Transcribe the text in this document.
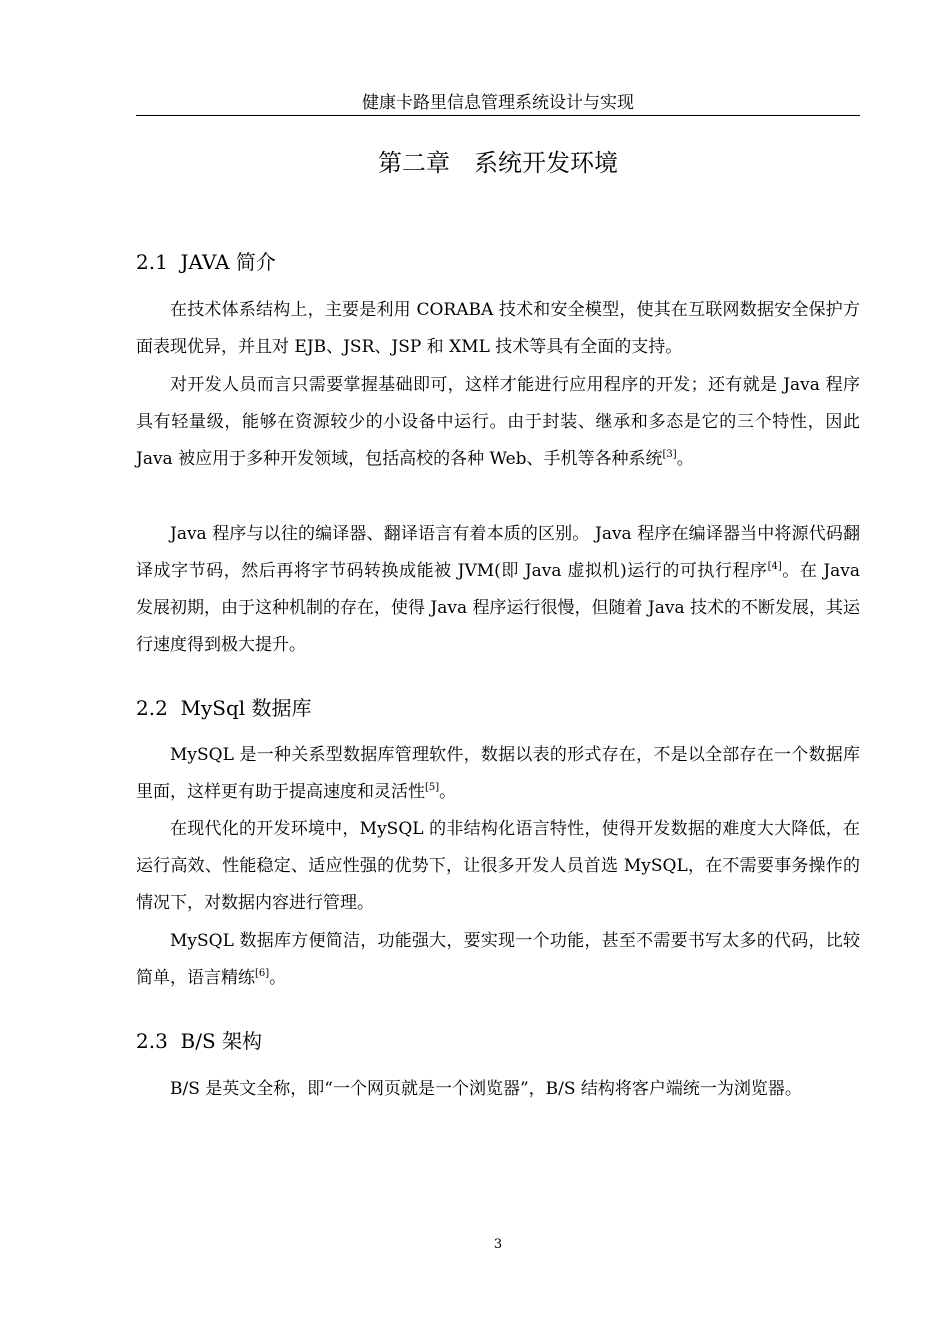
健康卡路里信息管理系统设计与实现
第二章　系统开发环境
2.1  JAVA 简介

在技术体系结构上，主要是利用 CORABA 技术和安全模型，使其在互联网数据安全保护方面表现优异，并且对 EJB、JSR、JSP 和 XML 技术等具有全面的支持。

对开发人员而言只需要掌握基础即可，这样才能进行应用程序的开发；还有就是 Java 程序具有轻量级，能够在资源较少的小设备中运行。由于封装、继承和多态是它的三个特性，因此 Java 被应用于多种开发领域，包括高校的各种 Web、手机等各种系统[3]。

Java 程序与以往的编译器、翻译语言有着本质的区别。 Java 程序在编译器当中将源代码翻译成字节码，然后再将字节码转换成能被 JVM(即 Java 虚拟机)运行的可执行程序[4]。在 Java 发展初期，由于这种机制的存在，使得 Java 程序运行很慢，但随着 Java 技术的不断发展，其运行速度得到极大提升。

2.2  MySql 数据库

MySQL 是一种关系型数据库管理软件，数据以表的形式存在，不是以全部存在一个数据库里面，这样更有助于提高速度和灵活性[5]。

在现代化的开发环境中，MySQL 的非结构化语言特性，使得开发数据的难度大大降低，在运行高效、性能稳定、适应性强的优势下，让很多开发人员首选 MySQL，在不需要事务操作的情况下，对数据内容进行管理。

MySQL 数据库方便简洁，功能强大，要实现一个功能，甚至不需要书写太多的代码，比较简单，语言精练[6]。

2.3  B/S 架构

B/S 是英文全称，即“一个网页就是一个浏览器”，B/S 结构将客户端统一为浏览器。

3
